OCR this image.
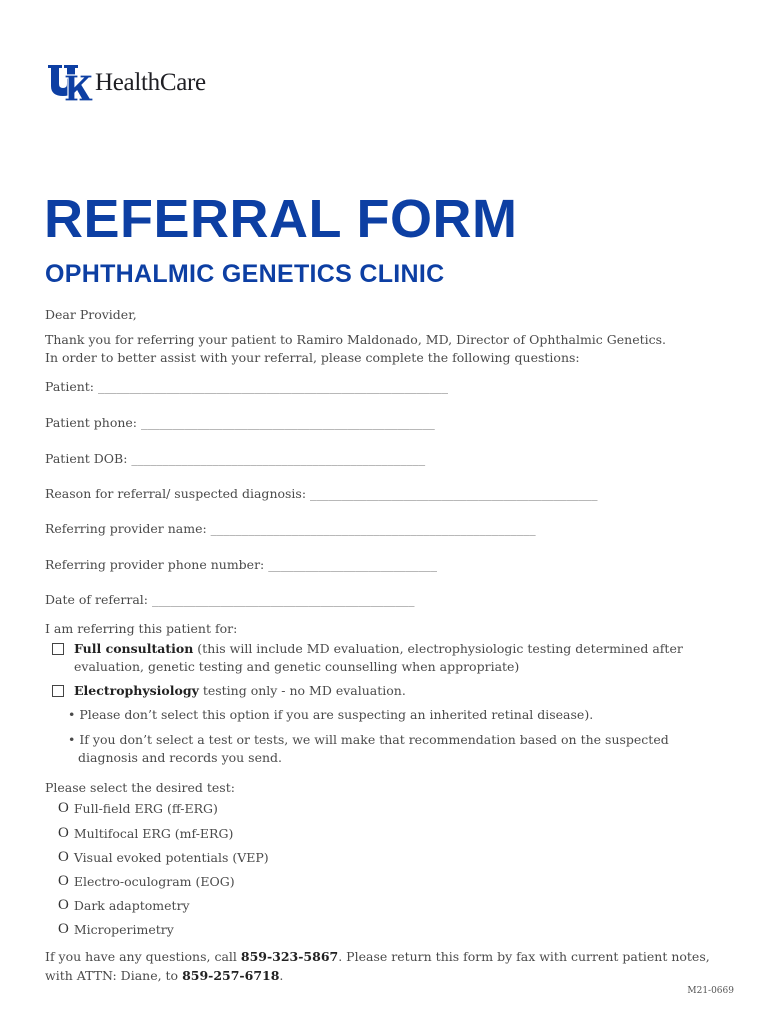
HealthCare
REFERRAL FORM
OPHTHALMIC GENETICS CLINIC

Dear Provider,

Thank you for referring your patient to Ramiro Maldonado, MD, Director of Ophthalmic Genetics.

In order to better assist with your referral, please complete the following questions:

Patient: ________________________________________________________

Patient phone: _______________________________________________

Patient DOB: _______________________________________________

Reason for referral/ suspected diagnosis: ______________________________________________

Referring provider name: ____________________________________________________

Referring provider phone number: ___________________________

Date of referral: __________________________________________

I am referring this patient for:

Full consultation (this will include MD evaluation, electrophysiologic testing determined after
evaluation, genetic testing and genetic counselling when appropriate)
Electrophysiology testing only - no MD evaluation.

• Please don’t select this option if you are suspecting an inherited retinal disease).

• If you don’t select a test or tests, we will make that recommendation based on the suspected
diagnosis and records you send.

Please select the desired test:

O Full-field ERG (ff-ERG)
O Multifocal ERG (mf-ERG)
O Visual evoked potentials (VEP)
O Electro-oculogram (EOG)
O Dark adaptometry
O Microperimetry

If you have any questions, call 859-323-5867. Please return this form by fax with current patient notes,
with ATTN: Diane, to 859-257-6718.

M21-0669
